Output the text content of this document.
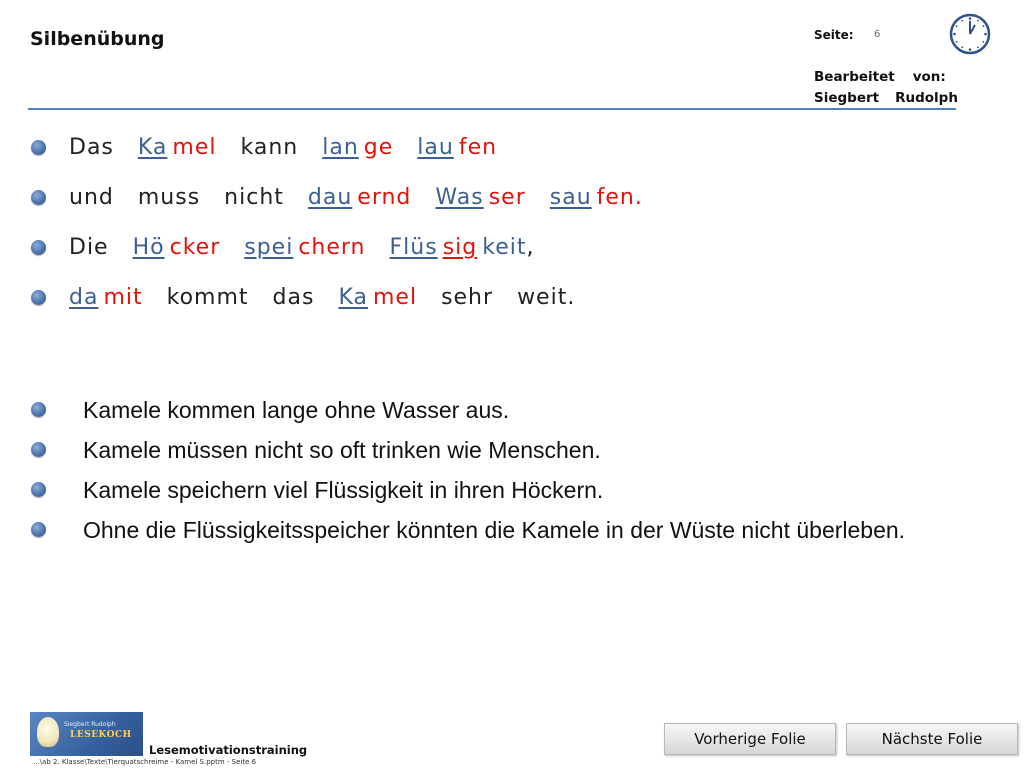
Silbenübung	Seite: 6
Bearbeitet von:
Siegbert Rudolph
Das Ka mel kann lan ge lau fen
und muss nicht dau ernd Was ser sau fen.
Die Hö cker spei chern Flüs sig keit,
da mit kommt das Ka mel sehr weit.
Kamele kommen lange ohne Wasser aus.
Kamele müssen nicht so oft trinken wie Menschen.
Kamele speichern viel Flüssigkeit in ihren Höckern.
Ohne die Flüssigkeitsspeicher könnten die Kamele in der Wüste nicht überleben.
Siegbert Rudolph
LESEKOCH
Lesemotivationstraining
...\ab 2. Klasse\Texte\Tierquatschreime - Kamel S.pptm - Seite 6
Vorherige Folie	Nächste Folie
